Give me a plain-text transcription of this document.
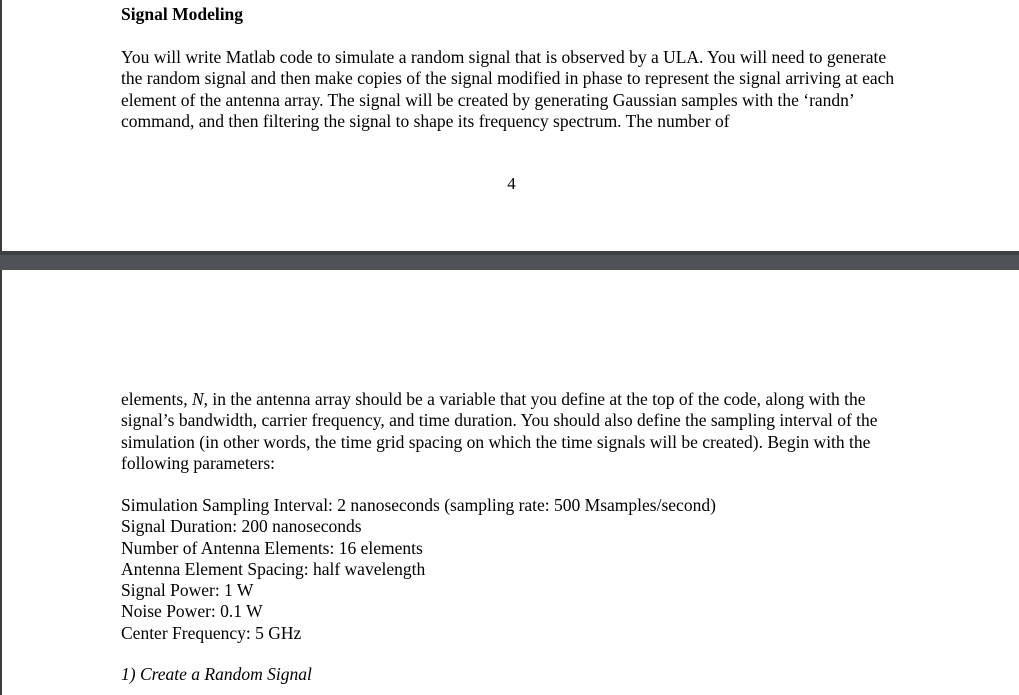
Signal Modeling

You will write Matlab code to simulate a random signal that is observed by a ULA. You will need to generate the random signal and then make copies of the signal modified in phase to represent the signal arriving at each element of the antenna array. The signal will be created by generating Gaussian samples with the ‘randn’ command, and then filtering the signal to shape its frequency spectrum. The number of

4

elements, N, in the antenna array should be a variable that you define at the top of the code, along with the signal’s bandwidth, carrier frequency, and time duration. You should also define the sampling interval of the simulation (in other words, the time grid spacing on which the time signals will be created). Begin with the following parameters:

Simulation Sampling Interval: 2 nanoseconds (sampling rate: 500 Msamples/second)
Signal Duration: 200 nanoseconds
Number of Antenna Elements: 16 elements
Antenna Element Spacing: half wavelength
Signal Power: 1 W
Noise Power: 0.1 W
Center Frequency: 5 GHz

1) Create a Random Signal
